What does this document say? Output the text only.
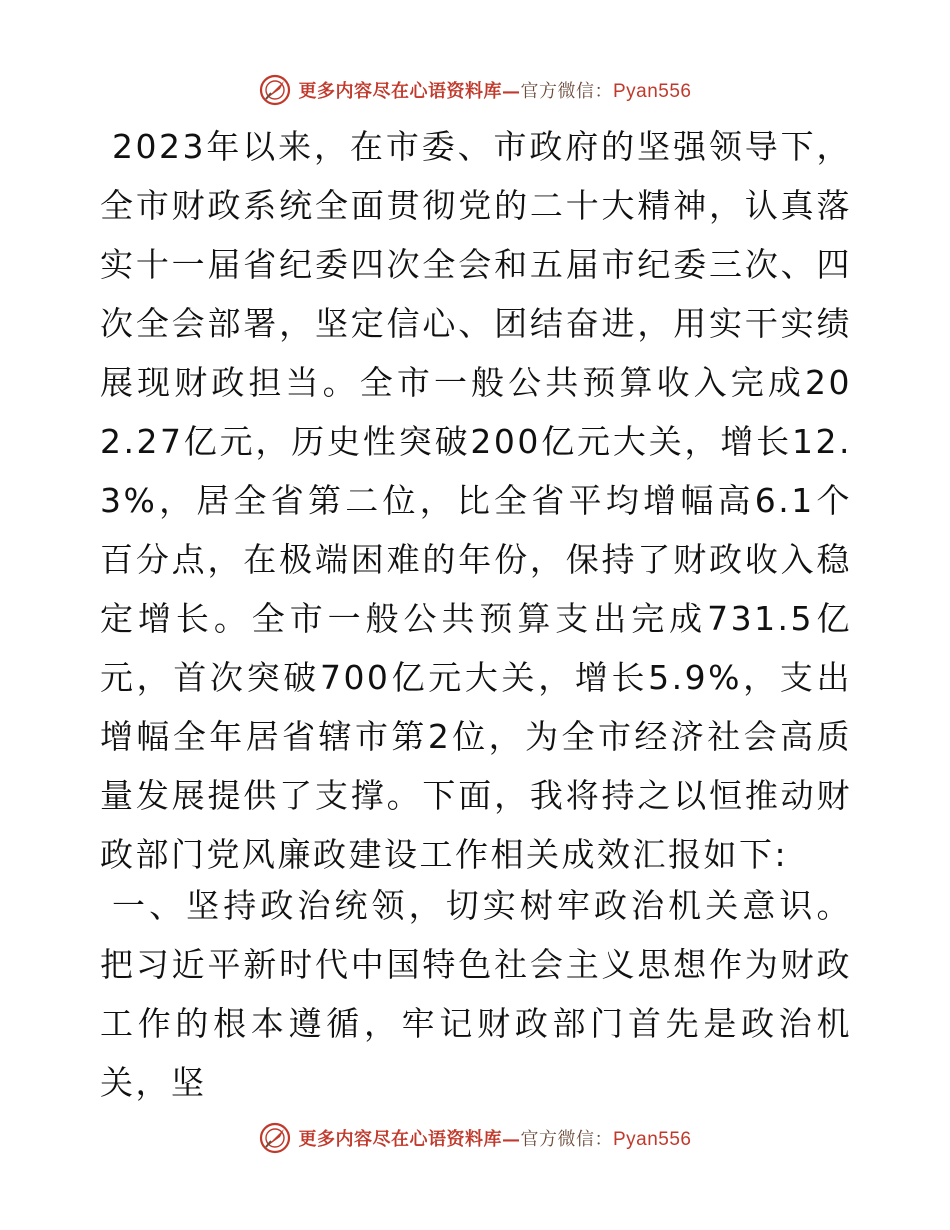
更多内容尽在心语资料库—官方微信：Pyan556

2023年以来，在市委、市政府的坚强领导下，全市财政系统全面贯彻党的二十大精神，认真落实十一届省纪委四次全会和五届市纪委三次、四次全会部署，坚定信心、团结奋进，用实干实绩展现财政担当。全市一般公共预算收入完成202.27亿元，历史性突破200亿元大关，增长12.3%，居全省第二位，比全省平均增幅高6.1个百分点，在极端困难的年份，保持了财政收入稳定增长。全市一般公共预算支出完成731.5亿元，首次突破700亿元大关，增长5.9%，支出增幅全年居省辖市第2位，为全市经济社会高质量发展提供了支撑。下面，我将持之以恒推动财政部门党风廉政建设工作相关成效汇报如下:

一、坚持政治统领，切实树牢政治机关意识。把习近平新时代中国特色社会主义思想作为财政工作的根本遵循，牢记财政部门首先是政治机关，坚

更多内容尽在心语资料库—官方微信：Pyan556
